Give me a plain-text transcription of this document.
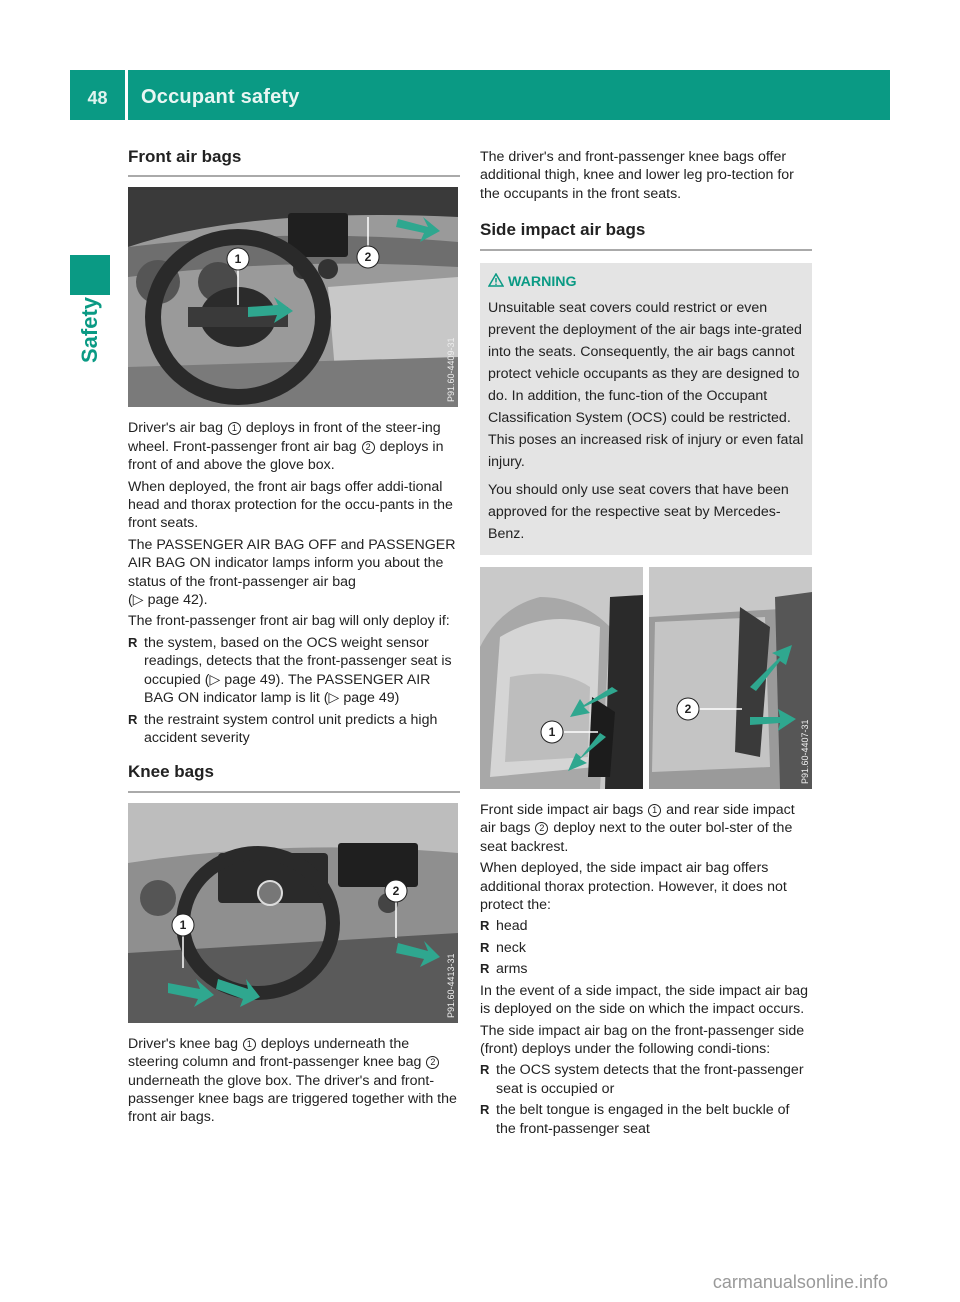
48	Occupant safety
Safety
Front air bags
1	2
P91.60-4409-31

Driver's air bag 1 deploys in front of the steer-ing wheel. Front-passenger front air bag 2 deploys in front of and above the glove box.

When deployed, the front air bags offer addi-tional head and thorax protection for the occu-pants in the front seats.

The PASSENGER AIR BAG OFF and PASSENGER AIR BAG ON indicator lamps inform you about the status of the front-passenger air bag
(▷ page 42).

The front-passenger front air bag will only deploy if:

R the system, based on the OCS weight sensor readings, detects that the front-passenger seat is occupied (▷ page 49). The PASSENGER AIR BAG ON indicator lamp is lit (▷ page 49)
R the restraint system control unit predicts a high accident severity
Knee bags
1
2
P91.60-4413-31

Driver's knee bag 1 deploys underneath the steering column and front-passenger knee bag 2 underneath the glove box. The driver's and front-passenger knee bags are triggered together with the front air bags.

The driver's and front-passenger knee bags offer additional thigh, knee and lower leg pro-tection for the occupants in the front seats.

Side impact air bags
WARNING

Unsuitable seat covers could restrict or even prevent the deployment of the air bags inte-grated into the seats. Consequently, the air bags cannot protect vehicle occupants as they are designed to do. In addition, the func-tion of the Occupant Classification System (OCS) could be restricted. This poses an increased risk of injury or even fatal injury.

You should only use seat covers that have been approved for the respective seat by Mercedes-Benz.

1
2
P91.60-4407-31

Front side impact air bags 1 and rear side impact air bags 2 deploy next to the outer bol-ster of the seat backrest.

When deployed, the side impact air bag offers additional thorax protection. However, it does not protect the:

R head
R neck
R arms

In the event of a side impact, the side impact air bag is deployed on the side on which the impact occurs.

The side impact air bag on the front-passenger side (front) deploys under the following condi-tions:

R the OCS system detects that the front-passenger seat is occupied or
R the belt tongue is engaged in the belt buckle of the front-passenger seat
carmanualsonline.info
